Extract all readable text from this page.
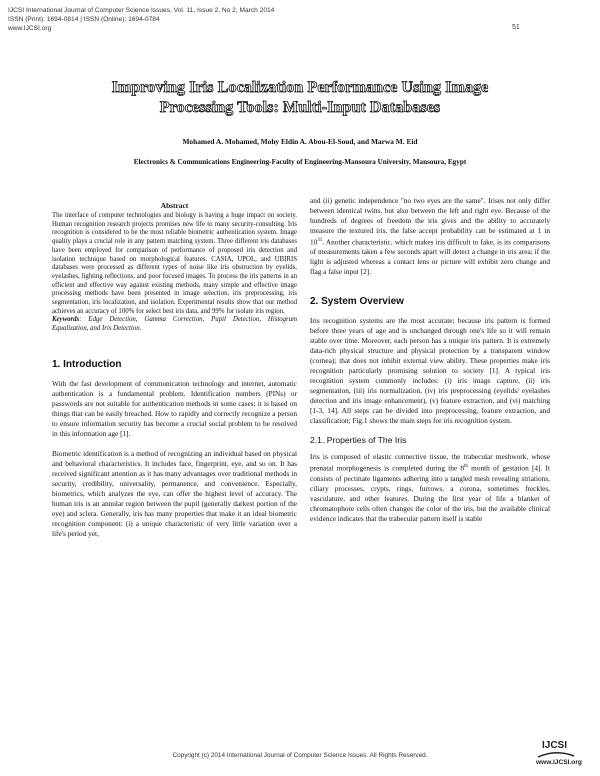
IJCSI International Journal of Computer Science Issues, Vol. 11, Issue 2, No 2, March 2014
ISSN (Print): 1694-0814 | ISSN (Online): 1694-0784
www.IJCSI.org	51
Improving Iris Localization Performance Using Image
Processing Tools: Multi-Input Databases
Mohamed A. Mohamed, Mohy Eldin A. Abou-El-Soud, and Marwa M. Eid
Electronics & Communications Engineering-Faculty of Engineering-Mansoura University, Mansoura, Egypt

Abstract

The interface of computer technologies and biology is having a huge impact on society. Human recognition research projects promises new life to many security-consulting. Iris recognition is considered to be the most reliable biometric authentication system. Image quality plays a crucial role in any pattern matching system. Three different iris databases have been employed for comparison of performance of proposed iris detection and isolation technique based on morphological features. CASIA, UPOL, and UBIRIS databases were processed as different types of noise like iris obstruction by eyelids, eyelashes, lighting reflections, and poor focused images. To process the iris patterns in an efficient and effective way against existing methods, many simple and effective image processing methods have been presented in image selection, iris preprocessing, iris segmentation, iris localization, and isolation. Experimental results show that our method achieves an accuracy of 100% for select best iris data, and 99% for isolate iris region.

Keywords: Edge Detection, Gamma Correction, Pupil Detection, Histogram Equalization, and Iris Detection.

1. Introduction

With the fast development of communication technology and internet, automatic authentication is a fundamental problem. Identification numbers (PINs) or passwords are not suitable for authentication methods in some cases; it is based on things that can be easily breached. How to rapidly and correctly recognize a person to ensure information security has become a crucial social problem to be resolved in this information age [1].

Biometric identification is a method of recognizing an individual based on physical and behavioral characteristics. It includes face, fingerprint, eye, and so on. It has received significant attention as it has many advantages over traditional methods in security, credibility, universality, permanence, and convenience. Especially, biometrics, which analyzes the eye, can offer the highest level of accuracy. The human iris is an annular region between the pupil (generally darkest portion of the eye) and sclera. Generally, iris has many properties that make it an ideal biometric recognition component: (i) a unique characteristic of very little variation over a life's period yet,

and (ii) genetic independence "no two eyes are the same". Irises not only differ between identical twins, but also between the left and right eye. Because of the hundreds of degrees of freedom the iris gives and the ability to accurately measure the textured iris, the false accept probability can be estimated at 1 in $10^{31}$. Another characteristic, which makes iris difficult to fake, is its comparisons of measurements taken a few seconds apart will detect a change in iris area; if the light is adjusted whereas a contact lens or picture will exhibit zero change and flag a false input [2].

2. System Overview

Iris recognition systems are the most accurate; because iris pattern is formed before three years of age and is unchanged through one's life so it will remain stable over time. Moreover, each person has a unique iris pattern. It is extremely data-rich physical structure and physical protection by a transparent window (cornea); that does not inhibit external view ability. These properties make iris recognition particularly promising solution to society [1]. A typical iris recognition system commonly includes: (i) iris image capture, (ii) iris segmentation, (iii) iris normalization, (iv) iris preprocessing (eyelids/ eyelashes detection and iris image enhancement), (v) feature extraction, and (vi) matching [1-3, 14]. All steps can be divided into preprocessing, feature extraction, and classification; Fig.1 shows the main steps for iris recognition system.

2.1. Properties of The Iris

Iris is composed of elastic connective tissue, the trabecular meshwork, whose prenatal morphogenesis is completed during the 8th month of gestation [4]. It consists of pectinate ligaments adhering into a tangled mesh revealing striations, ciliary processes, crypts, rings, furrows, a corona, sometimes freckles, vasculature, and other features. During the first year of life a blanket of chromatophore cells often changes the color of the iris, but the available clinical evidence indicates that the trabecular pattern itself is stable

Copyright (c) 2014 International Journal of Computer Science Issues. All Rights Reserved.
IJCSI
www.IJCSI.org
